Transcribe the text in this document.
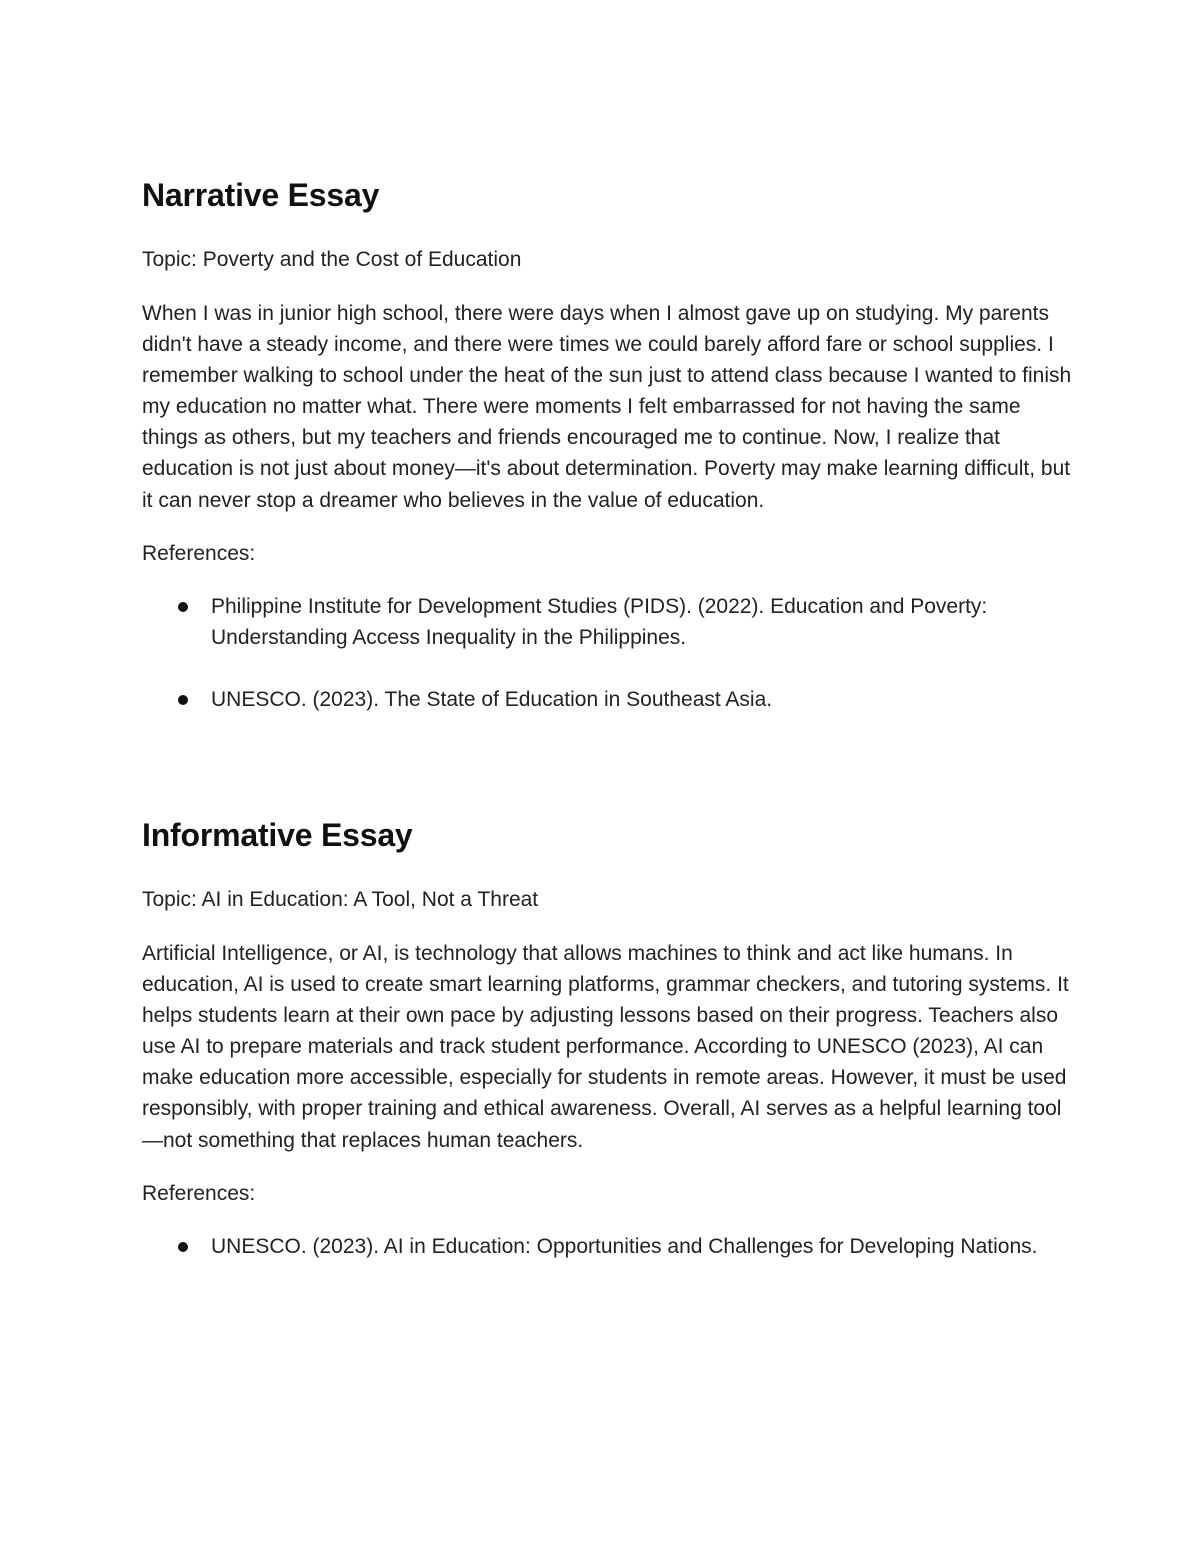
Narrative Essay

Topic: Poverty and the Cost of Education

When I was in junior high school, there were days when I almost gave up on studying. My parents didn't have a steady income, and there were times we could barely afford fare or school supplies. I remember walking to school under the heat of the sun just to attend class because I wanted to finish my education no matter what. There were moments I felt embarrassed for not having the same things as others, but my teachers and friends encouraged me to continue. Now, I realize that education is not just about money—it's about determination. Poverty may make learning difficult, but it can never stop a dreamer who believes in the value of education.

References:

Philippine Institute for Development Studies (PIDS). (2022). Education and Poverty: Understanding Access Inequality in the Philippines.
UNESCO. (2023). The State of Education in Southeast Asia.
Informative Essay

Topic: AI in Education: A Tool, Not a Threat

Artificial Intelligence, or AI, is technology that allows machines to think and act like humans. In education, AI is used to create smart learning platforms, grammar checkers, and tutoring systems. It helps students learn at their own pace by adjusting lessons based on their progress. Teachers also use AI to prepare materials and track student performance. According to UNESCO (2023), AI can make education more accessible, especially for students in remote areas. However, it must be used responsibly, with proper training and ethical awareness. Overall, AI serves as a helpful learning tool—not something that replaces human teachers.

References:

UNESCO. (2023). AI in Education: Opportunities and Challenges for Developing Nations.
